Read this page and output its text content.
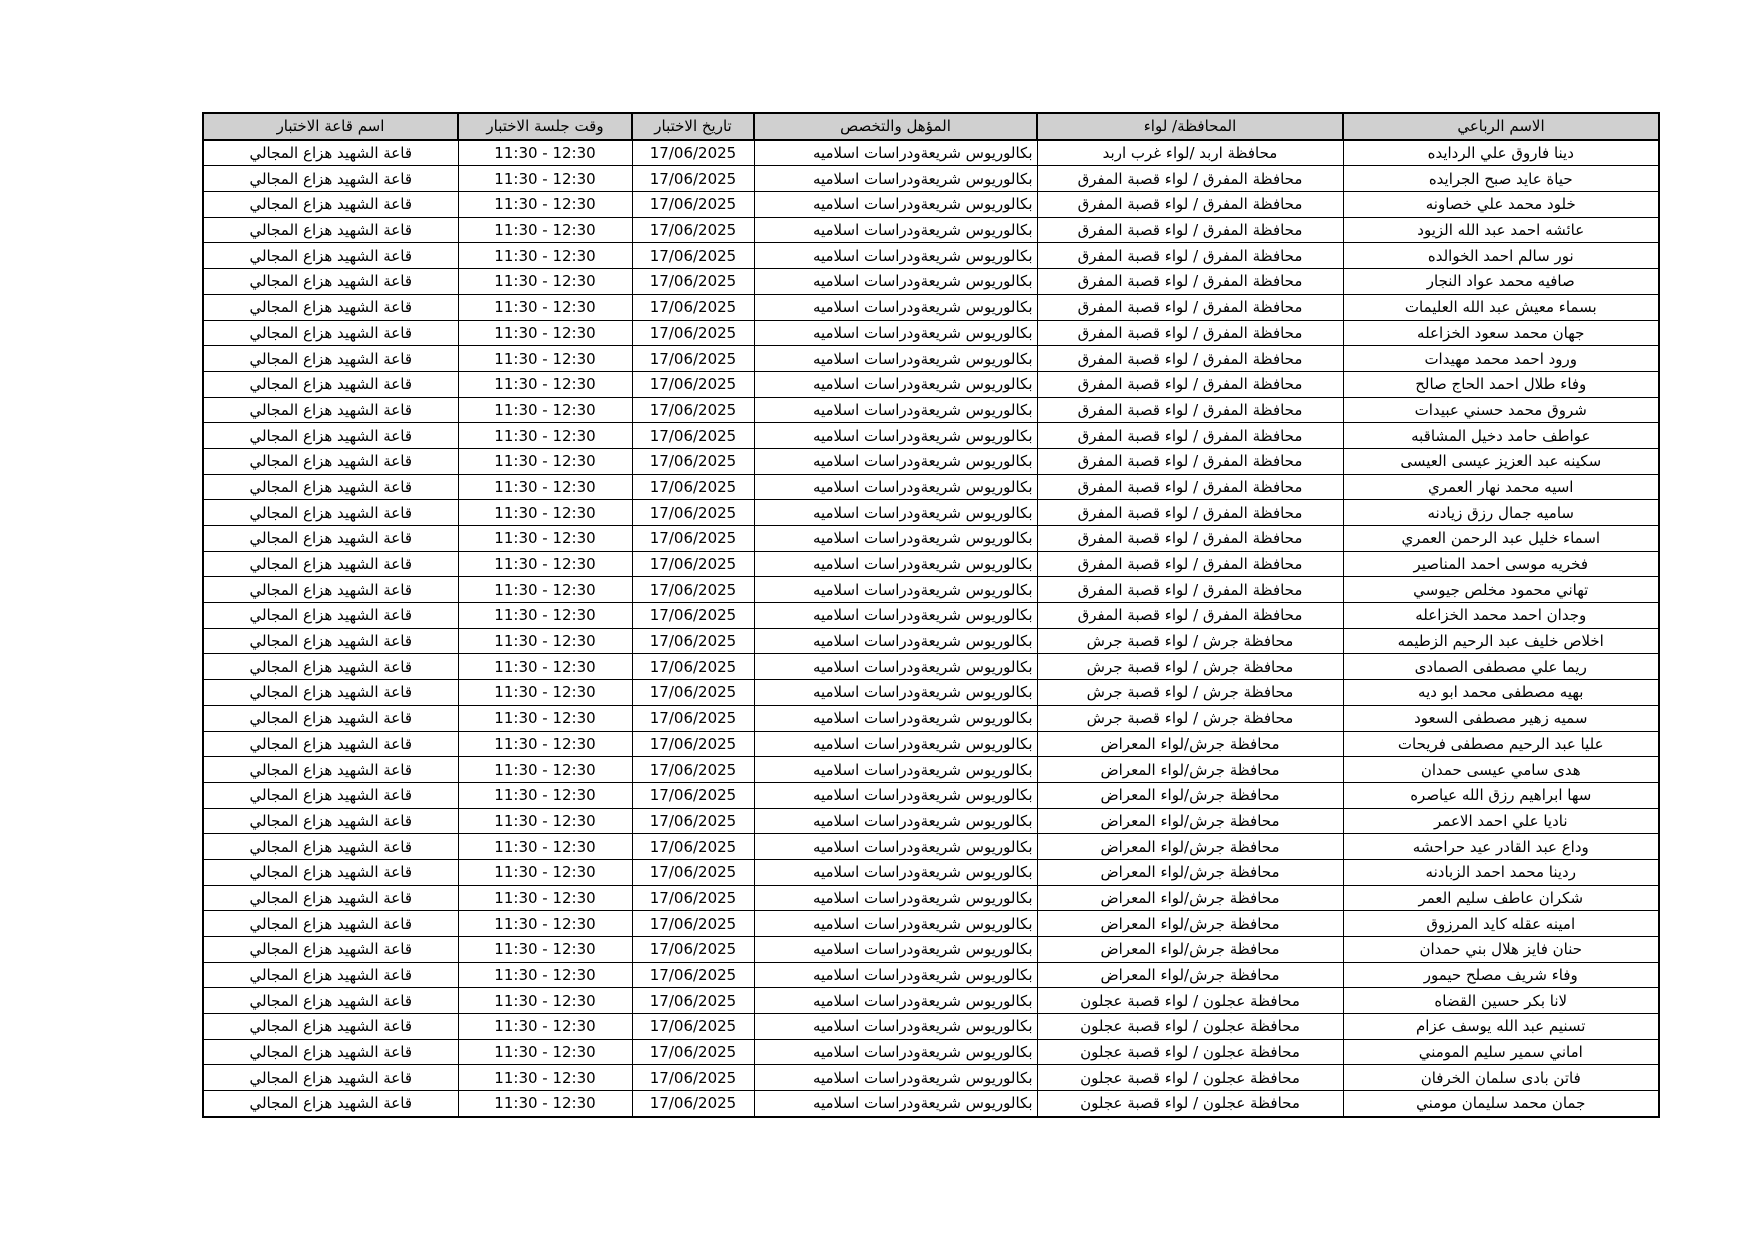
الاسم الرباعي	المحافظة/ لواء	المؤهل والتخصص	تاريخ الاختبار	وقت جلسة الاختبار	اسم قاعة الاختبار
دينا فاروق علي الردايده	محافظة اربد /لواء غرب اربد	بكالوريوس شريعةودراسات اسلاميه	17/06/2025	11:30 - 12:30	قاعة الشهيد هزاع المجالي
حياة عايد صبح الجرايده	محافظة المفرق / لواء قصبة المفرق	بكالوريوس شريعةودراسات اسلاميه	17/06/2025	11:30 - 12:30	قاعة الشهيد هزاع المجالي
خلود محمد علي خصاونه	محافظة المفرق / لواء قصبة المفرق	بكالوريوس شريعةودراسات اسلاميه	17/06/2025	11:30 - 12:30	قاعة الشهيد هزاع المجالي
عائشه احمد عبد الله الزيود	محافظة المفرق / لواء قصبة المفرق	بكالوريوس شريعةودراسات اسلاميه	17/06/2025	11:30 - 12:30	قاعة الشهيد هزاع المجالي
نور سالم احمد الخوالده	محافظة المفرق / لواء قصبة المفرق	بكالوريوس شريعةودراسات اسلاميه	17/06/2025	11:30 - 12:30	قاعة الشهيد هزاع المجالي
صافيه محمد عواد النجار	محافظة المفرق / لواء قصبة المفرق	بكالوريوس شريعةودراسات اسلاميه	17/06/2025	11:30 - 12:30	قاعة الشهيد هزاع المجالي
بسماء معيش عبد الله العليمات	محافظة المفرق / لواء قصبة المفرق	بكالوريوس شريعةودراسات اسلاميه	17/06/2025	11:30 - 12:30	قاعة الشهيد هزاع المجالي
جهان محمد سعود الخزاعله	محافظة المفرق / لواء قصبة المفرق	بكالوريوس شريعةودراسات اسلاميه	17/06/2025	11:30 - 12:30	قاعة الشهيد هزاع المجالي
ورود احمد محمد مهيدات	محافظة المفرق / لواء قصبة المفرق	بكالوريوس شريعةودراسات اسلاميه	17/06/2025	11:30 - 12:30	قاعة الشهيد هزاع المجالي
وفاء طلال احمد الحاج صالح	محافظة المفرق / لواء قصبة المفرق	بكالوريوس شريعةودراسات اسلاميه	17/06/2025	11:30 - 12:30	قاعة الشهيد هزاع المجالي
شروق محمد حسني عبيدات	محافظة المفرق / لواء قصبة المفرق	بكالوريوس شريعةودراسات اسلاميه	17/06/2025	11:30 - 12:30	قاعة الشهيد هزاع المجالي
عواطف حامد دخيل المشاقبه	محافظة المفرق / لواء قصبة المفرق	بكالوريوس شريعةودراسات اسلاميه	17/06/2025	11:30 - 12:30	قاعة الشهيد هزاع المجالي
سكينه عبد العزيز عيسى العيسى	محافظة المفرق / لواء قصبة المفرق	بكالوريوس شريعةودراسات اسلاميه	17/06/2025	11:30 - 12:30	قاعة الشهيد هزاع المجالي
اسيه محمد نهار العمري	محافظة المفرق / لواء قصبة المفرق	بكالوريوس شريعةودراسات اسلاميه	17/06/2025	11:30 - 12:30	قاعة الشهيد هزاع المجالي
ساميه جمال رزق زيادنه	محافظة المفرق / لواء قصبة المفرق	بكالوريوس شريعةودراسات اسلاميه	17/06/2025	11:30 - 12:30	قاعة الشهيد هزاع المجالي
اسماء خليل عبد الرحمن العمري	محافظة المفرق / لواء قصبة المفرق	بكالوريوس شريعةودراسات اسلاميه	17/06/2025	11:30 - 12:30	قاعة الشهيد هزاع المجالي
فخريه موسى احمد المناصير	محافظة المفرق / لواء قصبة المفرق	بكالوريوس شريعةودراسات اسلاميه	17/06/2025	11:30 - 12:30	قاعة الشهيد هزاع المجالي
تهاني محمود مخلص جيوسي	محافظة المفرق / لواء قصبة المفرق	بكالوريوس شريعةودراسات اسلاميه	17/06/2025	11:30 - 12:30	قاعة الشهيد هزاع المجالي
وجدان احمد محمد الخزاعله	محافظة المفرق / لواء قصبة المفرق	بكالوريوس شريعةودراسات اسلاميه	17/06/2025	11:30 - 12:30	قاعة الشهيد هزاع المجالي
اخلاص خليف عبد الرحيم الزطيمه	محافظة جرش / لواء قصبة جرش	بكالوريوس شريعةودراسات اسلاميه	17/06/2025	11:30 - 12:30	قاعة الشهيد هزاع المجالي
ريما علي مصطفى الصمادى	محافظة جرش / لواء قصبة جرش	بكالوريوس شريعةودراسات اسلاميه	17/06/2025	11:30 - 12:30	قاعة الشهيد هزاع المجالي
بهيه مصطفى محمد ابو ديه	محافظة جرش / لواء قصبة جرش	بكالوريوس شريعةودراسات اسلاميه	17/06/2025	11:30 - 12:30	قاعة الشهيد هزاع المجالي
سميه زهير مصطفى السعود	محافظة جرش / لواء قصبة جرش	بكالوريوس شريعةودراسات اسلاميه	17/06/2025	11:30 - 12:30	قاعة الشهيد هزاع المجالي
عليا عبد الرحيم مصطفى فريحات	محافظة جرش/لواء المعراض	بكالوريوس شريعةودراسات اسلاميه	17/06/2025	11:30 - 12:30	قاعة الشهيد هزاع المجالي
هدى سامي عيسى حمدان	محافظة جرش/لواء المعراض	بكالوريوس شريعةودراسات اسلاميه	17/06/2025	11:30 - 12:30	قاعة الشهيد هزاع المجالي
سها ابراهيم رزق الله عياصره	محافظة جرش/لواء المعراض	بكالوريوس شريعةودراسات اسلاميه	17/06/2025	11:30 - 12:30	قاعة الشهيد هزاع المجالي
ناديا علي احمد الاعمر	محافظة جرش/لواء المعراض	بكالوريوس شريعةودراسات اسلاميه	17/06/2025	11:30 - 12:30	قاعة الشهيد هزاع المجالي
وداع عبد القادر عيد حراحشه	محافظة جرش/لواء المعراض	بكالوريوس شريعةودراسات اسلاميه	17/06/2025	11:30 - 12:30	قاعة الشهيد هزاع المجالي
ردينا محمد احمد الزبادنه	محافظة جرش/لواء المعراض	بكالوريوس شريعةودراسات اسلاميه	17/06/2025	11:30 - 12:30	قاعة الشهيد هزاع المجالي
شكران عاطف سليم العمر	محافظة جرش/لواء المعراض	بكالوريوس شريعةودراسات اسلاميه	17/06/2025	11:30 - 12:30	قاعة الشهيد هزاع المجالي
امينه عقله كايد المرزوق	محافظة جرش/لواء المعراض	بكالوريوس شريعةودراسات اسلاميه	17/06/2025	11:30 - 12:30	قاعة الشهيد هزاع المجالي
حنان فايز هلال بني حمدان	محافظة جرش/لواء المعراض	بكالوريوس شريعةودراسات اسلاميه	17/06/2025	11:30 - 12:30	قاعة الشهيد هزاع المجالي
وفاء شريف مصلح حيمور	محافظة جرش/لواء المعراض	بكالوريوس شريعةودراسات اسلاميه	17/06/2025	11:30 - 12:30	قاعة الشهيد هزاع المجالي
لانا بكر حسين القضاه	محافظة عجلون / لواء قصبة عجلون	بكالوريوس شريعةودراسات اسلاميه	17/06/2025	11:30 - 12:30	قاعة الشهيد هزاع المجالي
تسنيم عبد الله يوسف عزام	محافظة عجلون / لواء قصبة عجلون	بكالوريوس شريعةودراسات اسلاميه	17/06/2025	11:30 - 12:30	قاعة الشهيد هزاع المجالي
اماني سمير سليم المومني	محافظة عجلون / لواء قصبة عجلون	بكالوريوس شريعةودراسات اسلاميه	17/06/2025	11:30 - 12:30	قاعة الشهيد هزاع المجالي
فاتن بادى سلمان الخرفان	محافظة عجلون / لواء قصبة عجلون	بكالوريوس شريعةودراسات اسلاميه	17/06/2025	11:30 - 12:30	قاعة الشهيد هزاع المجالي
جمان محمد سليمان مومني	محافظة عجلون / لواء قصبة عجلون	بكالوريوس شريعةودراسات اسلاميه	17/06/2025	11:30 - 12:30	قاعة الشهيد هزاع المجالي
